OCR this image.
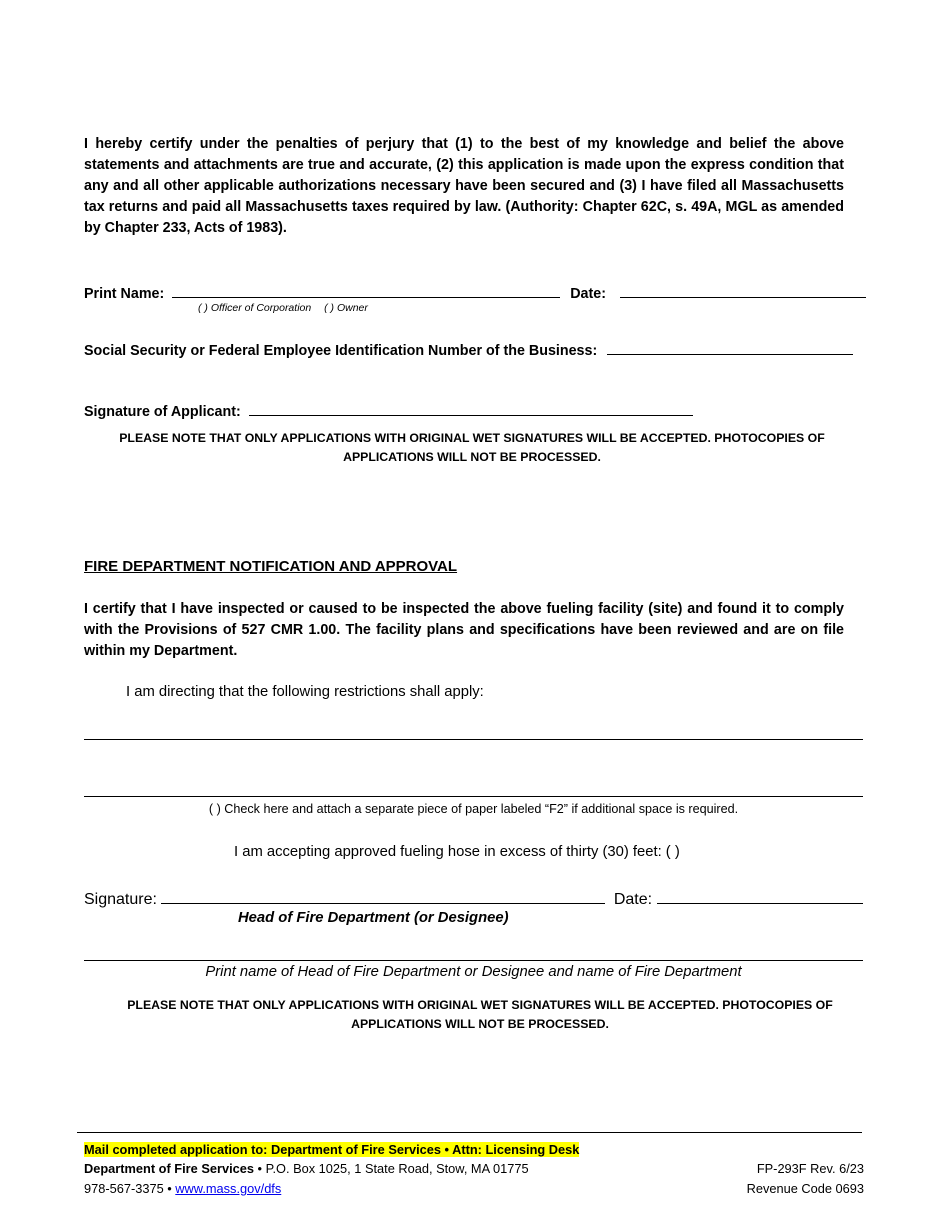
I hereby certify under the penalties of perjury that (1) to the best of my knowledge and belief the above statements and attachments are true and accurate, (2) this application is made upon the express condition that any and all other applicable authorizations necessary have been secured and (3) I have filed all Massachusetts tax returns and paid all Massachusetts taxes required by law. (Authority: Chapter 62C, s. 49A, MGL as amended by Chapter 233, Acts of 1983).

Print Name:	Date:
( ) Officer of Corporation ( ) Owner
Social Security or Federal Employee Identification Number of the Business:
Signature of Applicant:

PLEASE NOTE THAT ONLY APPLICATIONS WITH ORIGINAL WET SIGNATURES WILL BE ACCEPTED. PHOTOCOPIES OF

APPLICATIONS WILL NOT BE PROCESSED.

FIRE DEPARTMENT NOTIFICATION AND APPROVAL

I certify that I have inspected or caused to be inspected the above fueling facility (site) and found it to comply with the Provisions of 527 CMR 1.00. The facility plans and specifications have been reviewed and are on file within my Department.

I am directing that the following restrictions shall apply:
( ) Check here and attach a separate piece of paper labeled “F2” if additional space is required.
I am accepting approved fueling hose in excess of thirty (30) feet: ( )
Signature:	Date:
Head of Fire Department (or Designee)
Print name of Head of Fire Department or Designee and name of Fire Department

PLEASE NOTE THAT ONLY APPLICATIONS WITH ORIGINAL WET SIGNATURES WILL BE ACCEPTED. PHOTOCOPIES OF

APPLICATIONS WILL NOT BE PROCESSED.

Mail completed application to: Department of Fire Services • Attn: Licensing Desk
Department of Fire Services • P.O. Box 1025, 1 State Road, Stow, MA 01775
978-567-3375 • www.mass.gov/dfs
FP-293F Rev. 6/23
Revenue Code 0693
